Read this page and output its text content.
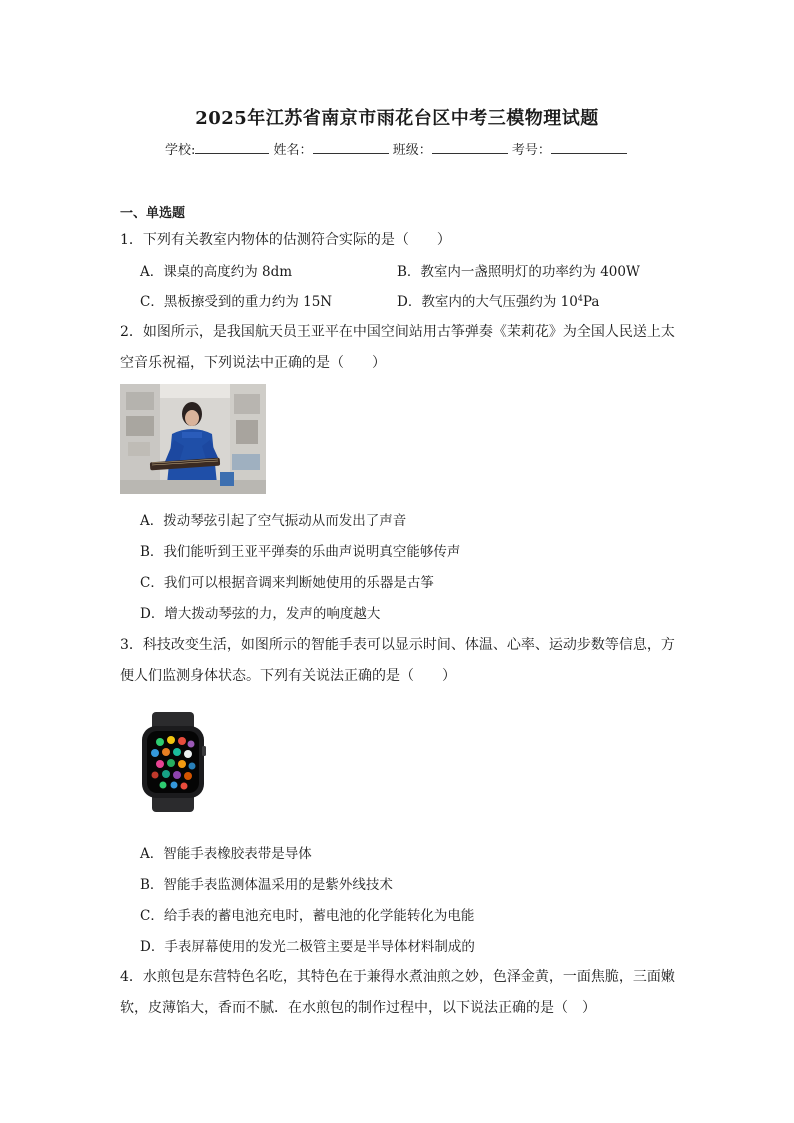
2025年江苏省南京市雨花台区中考三模物理试题
学校:	姓名：	班级：	考号：
一、单选题
1．下列有关教室内物体的估测符合实际的是（　　）
A．课桌的高度约为 8dm	B．教室内一盏照明灯的功率约为 400W
C．黑板擦受到的重力约为 15N	D．教室内的大气压强约为 $10^4Pa$
2．如图所示，是我国航天员王亚平在中国空间站用古筝弹奏《茉莉花》为全国人民送上太
空音乐祝福，下列说法中正确的是（　　）
A．拨动琴弦引起了空气振动从而发出了声音
B．我们能听到王亚平弹奏的乐曲声说明真空能够传声
C．我们可以根据音调来判断她使用的乐器是古筝
D．增大拨动琴弦的力，发声的响度越大
3．科技改变生活，如图所示的智能手表可以显示时间、体温、心率、运动步数等信息，方
便人们监测身体状态。下列有关说法正确的是（　　）
A．智能手表橡胶表带是导体
B．智能手表监测体温采用的是紫外线技术
C．给手表的蓄电池充电时，蓄电池的化学能转化为电能
D．手表屏幕使用的发光二极管主要是半导体材料制成的
4．水煎包是东营特色名吃，其特色在于兼得水煮油煎之妙，色泽金黄，一面焦脆，三面嫩
软，皮薄馅大，香而不腻．在水煎包的制作过程中，以下说法正确的是（　）
